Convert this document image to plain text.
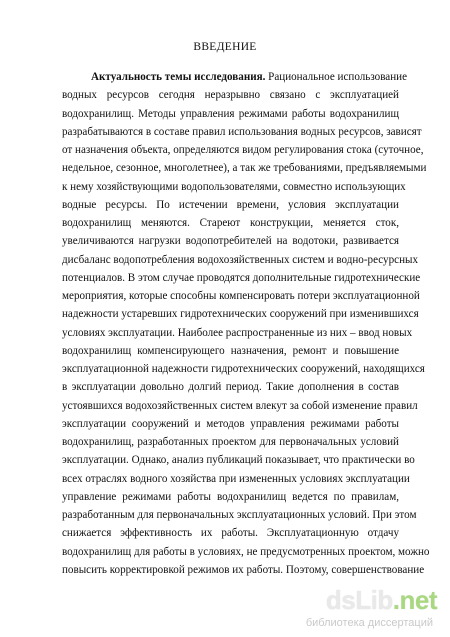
ВВЕДЕНИЕ
Актуальность темы исследования. Рациональное использование
водных ресурсов сегодня неразрывно связано с эксплуатацией
водохранилищ. Методы управления режимами работы водохранилищ
разрабатываются в составе правил использования водных ресурсов, зависят
от назначения объекта, определяются видом регулирования стока (суточное,
недельное, сезонное, многолетнее), а так же требованиями, предъявляемыми
к нему хозяйствующими водопользователями, совместно использующих
водные ресурсы. По истечении времени, условия эксплуатации
водохранилищ меняются. Стареют конструкции, меняется сток,
увеличиваются нагрузки водопотребителей на водотоки, развивается
дисбаланс водопотребления водохозяйственных систем и водно-ресурсных
потенциалов. В этом случае проводятся дополнительные гидротехнические
мероприятия, которые способны компенсировать потери эксплуатационной
надежности устаревших гидротехнических сооружений при изменившихся
условиях эксплуатации. Наиболее распространенные из них – ввод новых
водохранилищ компенсирующего назначения, ремонт и повышение
эксплуатационной надежности гидротехнических сооружений, находящихся
в эксплуатации довольно долгий период. Такие дополнения в состав
устоявшихся водохозяйственных систем влекут за собой изменение правил
эксплуатации сооружений и методов управления режимами работы
водохранилищ, разработанных проектом для первоначальных условий
эксплуатации. Однако, анализ публикаций показывает, что практически во
всех отраслях водного хозяйства при измененных условиях эксплуатации
управление режимами работы водохранилищ ведется по правилам,
разработанным для первоначальных эксплуатационных условий. При этом
снижается эффективность их работы. Эксплуатационную отдачу
водохранилищ для работы в условиях, не предусмотренных проектом, можно
повысить корректировкой режимов их работы. Поэтому, совершенствование
dsLib.net
библиотека диссертаций
